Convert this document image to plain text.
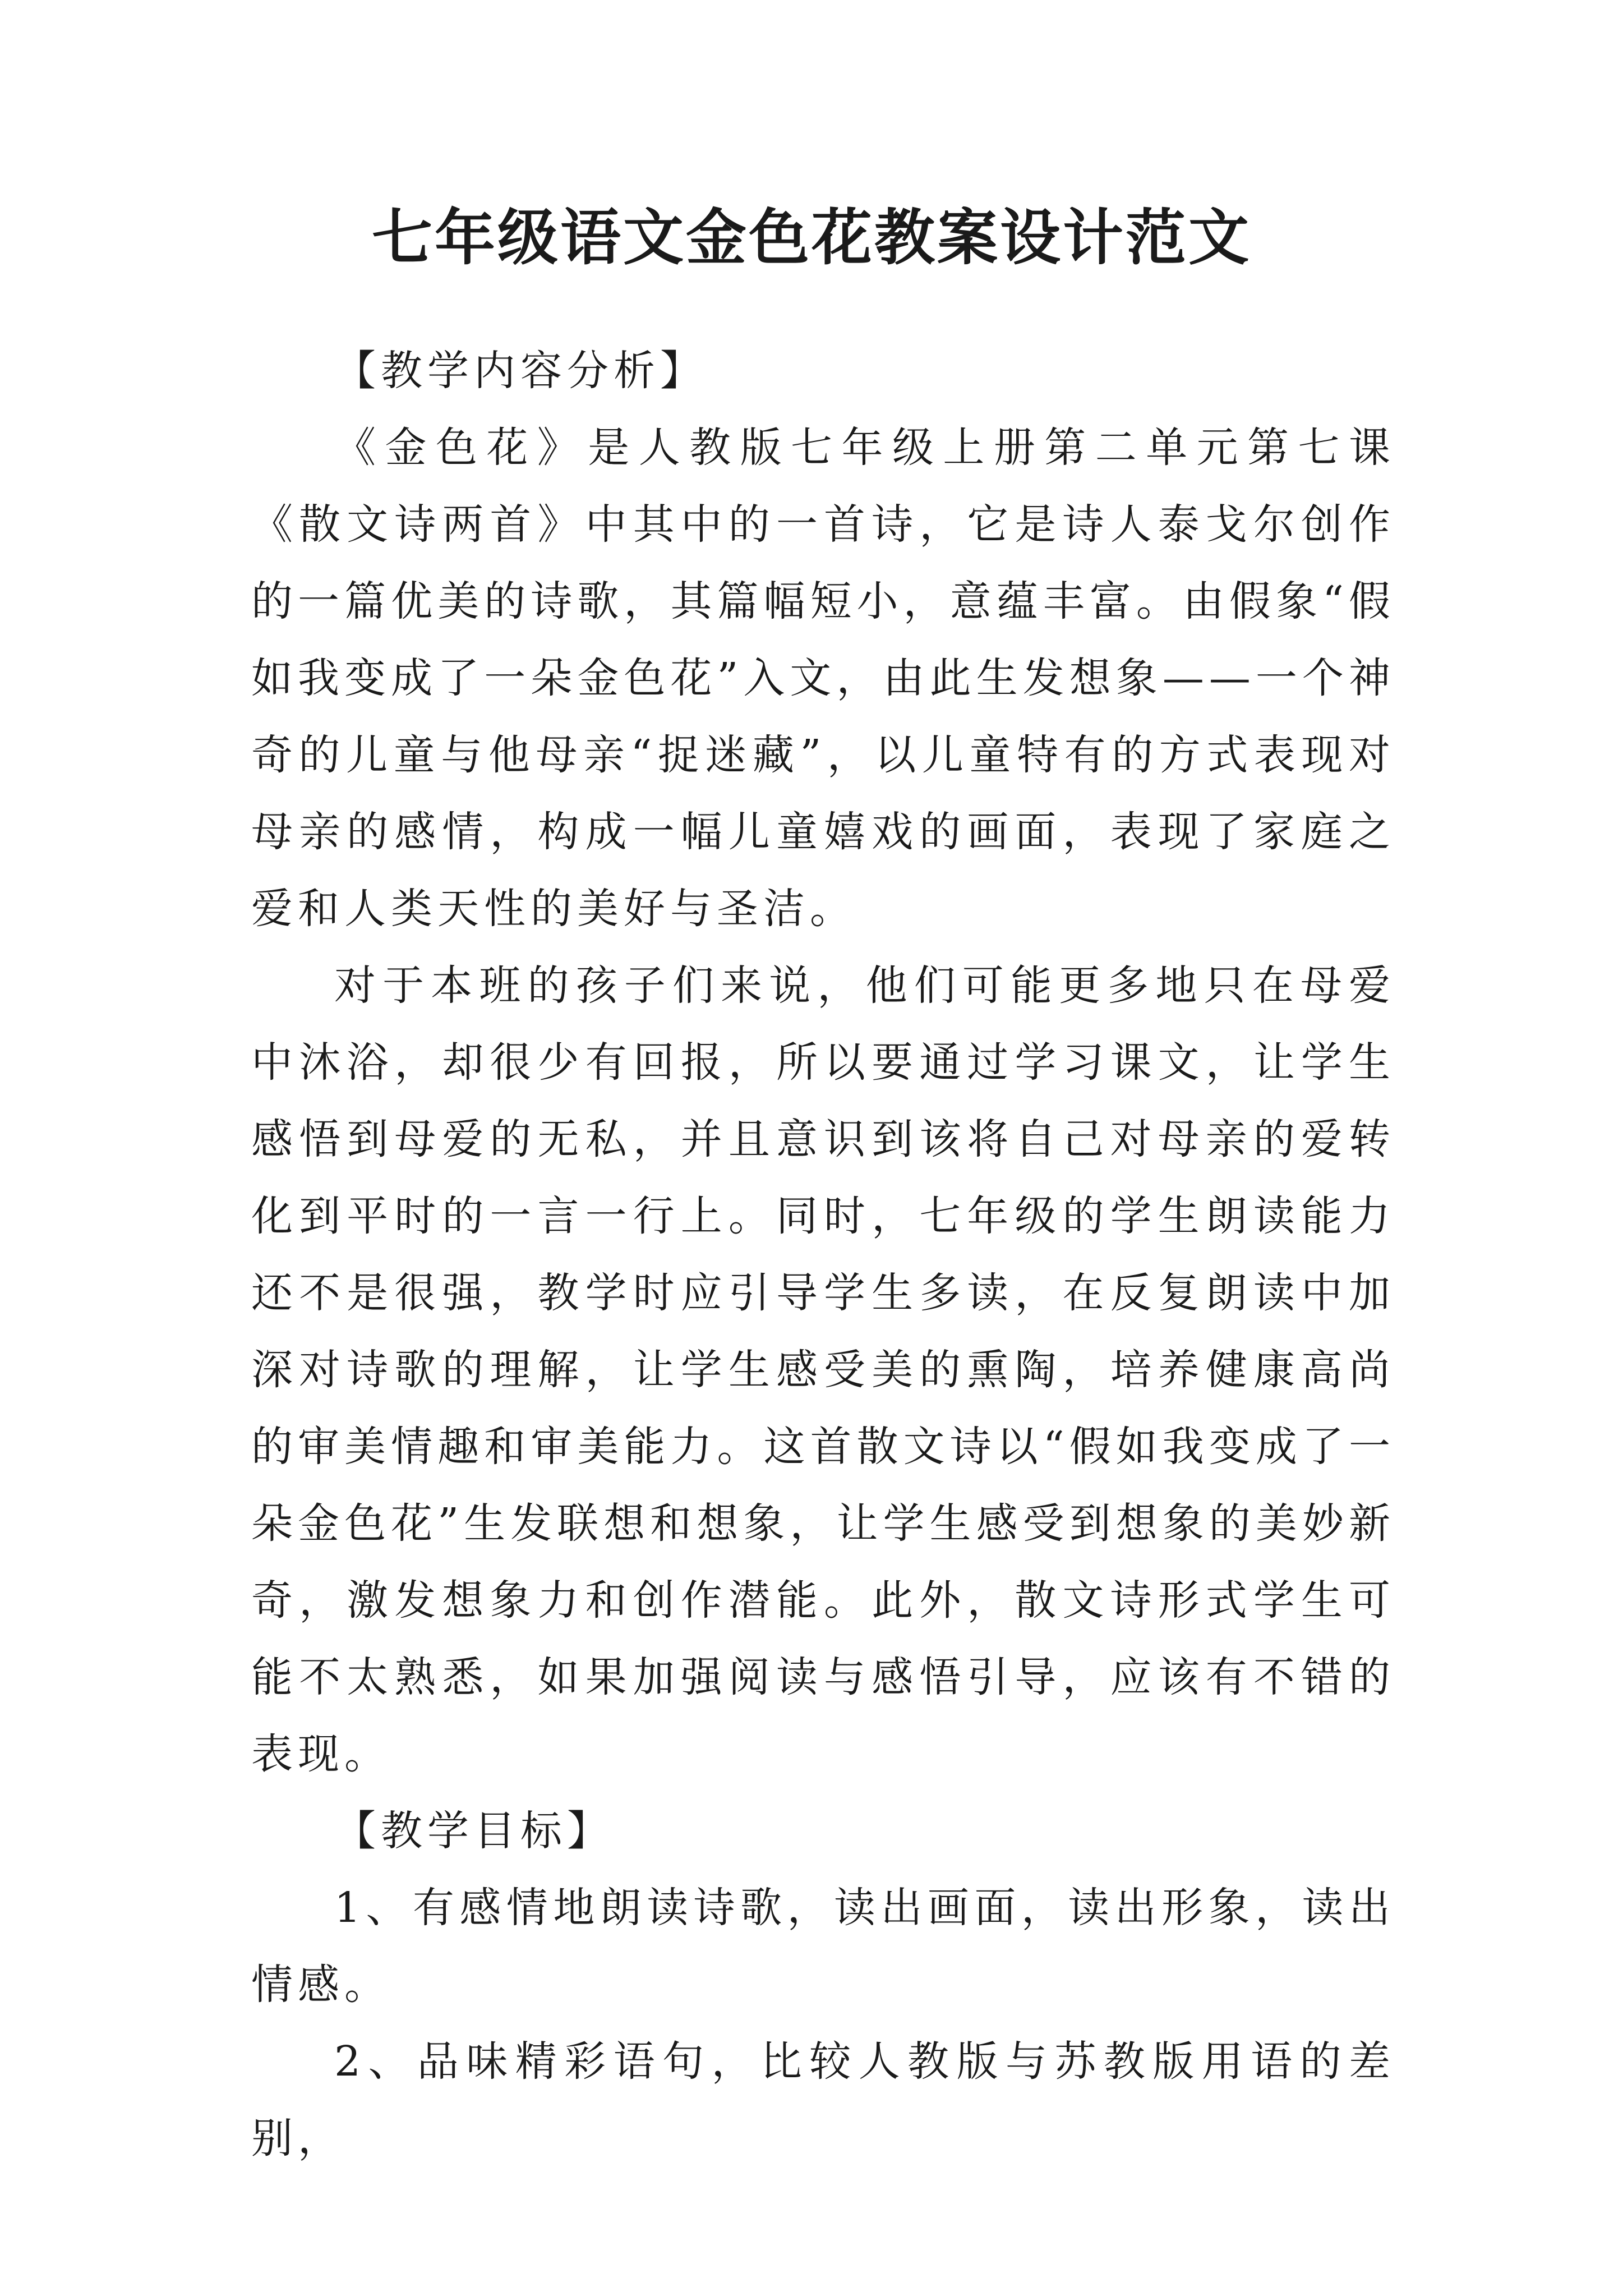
七年级语文金色花教案设计范文

【教学内容分析】

《金色花》是人教版七年级上册第二单元第七课《散文诗两首》中其中的一首诗，它是诗人泰戈尔创作的一篇优美的诗歌，其篇幅短小，意蕴丰富。由假象“假如我变成了一朵金色花”入文，由此生发想象——一个神奇的儿童与他母亲“捉迷藏”，以儿童特有的方式表现对母亲的感情，构成一幅儿童嬉戏的画面，表现了家庭之爱和人类天性的美好与圣洁。

对于本班的孩子们来说，他们可能更多地只在母爱中沐浴，却很少有回报，所以要通过学习课文，让学生感悟到母爱的无私，并且意识到该将自己对母亲的爱转化到平时的一言一行上。同时，七年级的学生朗读能力还不是很强，教学时应引导学生多读，在反复朗读中加深对诗歌的理解，让学生感受美的熏陶，培养健康高尚的审美情趣和审美能力。这首散文诗以“假如我变成了一朵金色花”生发联想和想象，让学生感受到想象的美妙新奇，激发想象力和创作潜能。此外，散文诗形式学生可能不太熟悉，如果加强阅读与感悟引导，应该有不错的表现。

【教学目标】

1、有感情地朗读诗歌，读出画面，读出形象，读出情感。

2、品味精彩语句，比较人教版与苏教版用语的差别，
